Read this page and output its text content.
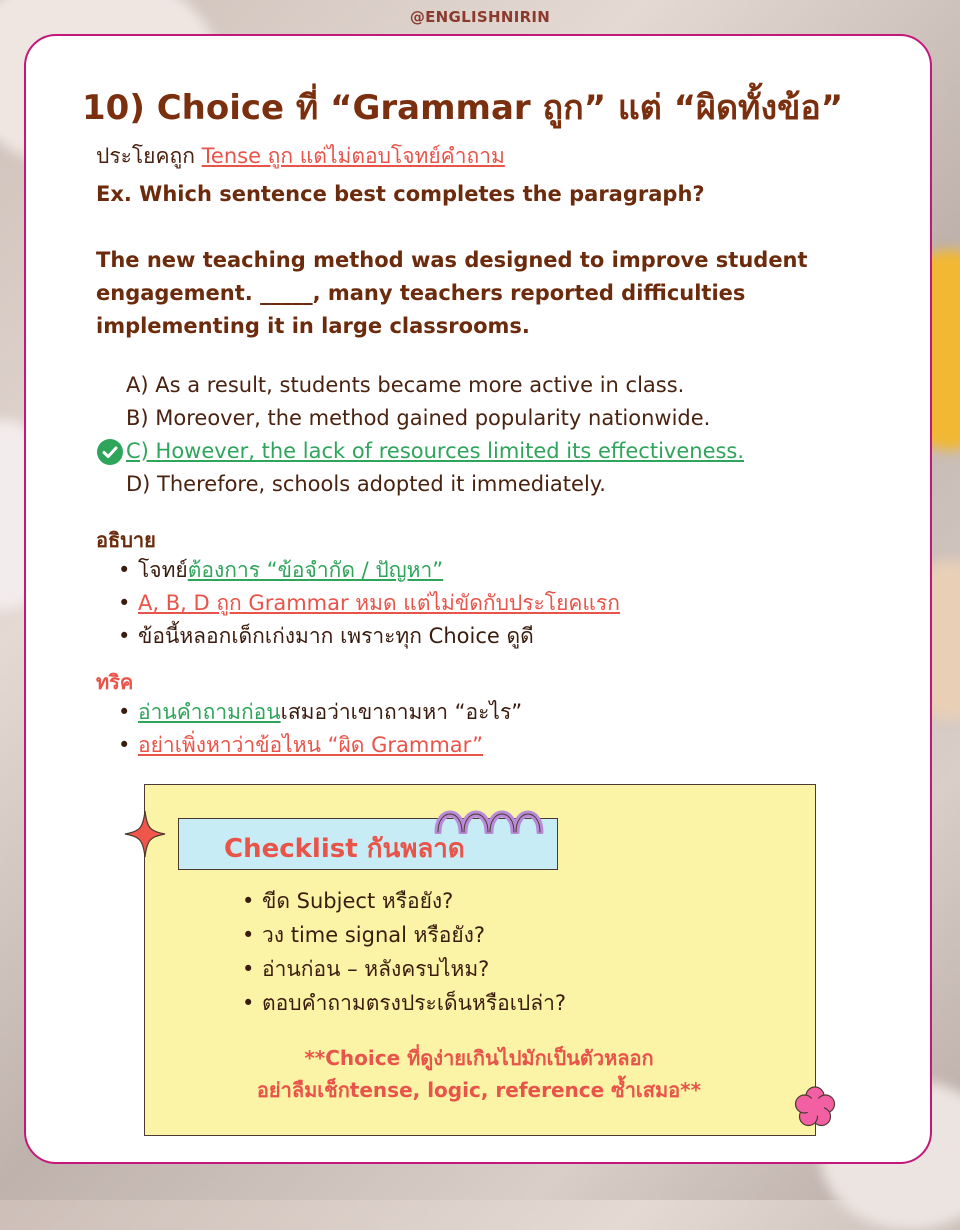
@ENGLISHNIRIN
10) Choice ที่ “Grammar ถูก” แต่ “ผิดทั้งข้อ”
ประโยคถูก Tense ถูก แต่ไม่ตอบโจทย์คำถาม
Ex. Which sentence best completes the paragraph?
The new teaching method was designed to improve student engagement. _____, many teachers reported difficulties implementing it in large classrooms.
A) As a result, students became more active in class.
B) Moreover, the method gained popularity nationwide.
C) However, the lack of resources limited its effectiveness.
D) Therefore, schools adopted it immediately.
อธิบาย
• โจทย์ต้องการ “ข้อจำกัด / ปัญหา”
• A, B, D ถูก Grammar หมด แต่ไม่ขัดกับประโยคแรก
• ข้อนี้หลอกเด็กเก่งมาก เพราะทุก Choice ดูดี
ทริค
• อ่านคำถามก่อนเสมอว่าเขาถามหา “อะไร”
• อย่าเพิ่งหาว่าข้อไหน “ผิด Grammar”
Checklist กันพลาด
• ขีด Subject หรือยัง?
• วง time signal หรือยัง?
• อ่านก่อน – หลังครบไหม?
• ตอบคำถามตรงประเด็นหรือเปล่า?
**Choice ที่ดูง่ายเกินไปมักเป็นตัวหลอก
อย่าลืมเช็กtense, logic, reference ซ้ำเสมอ**
